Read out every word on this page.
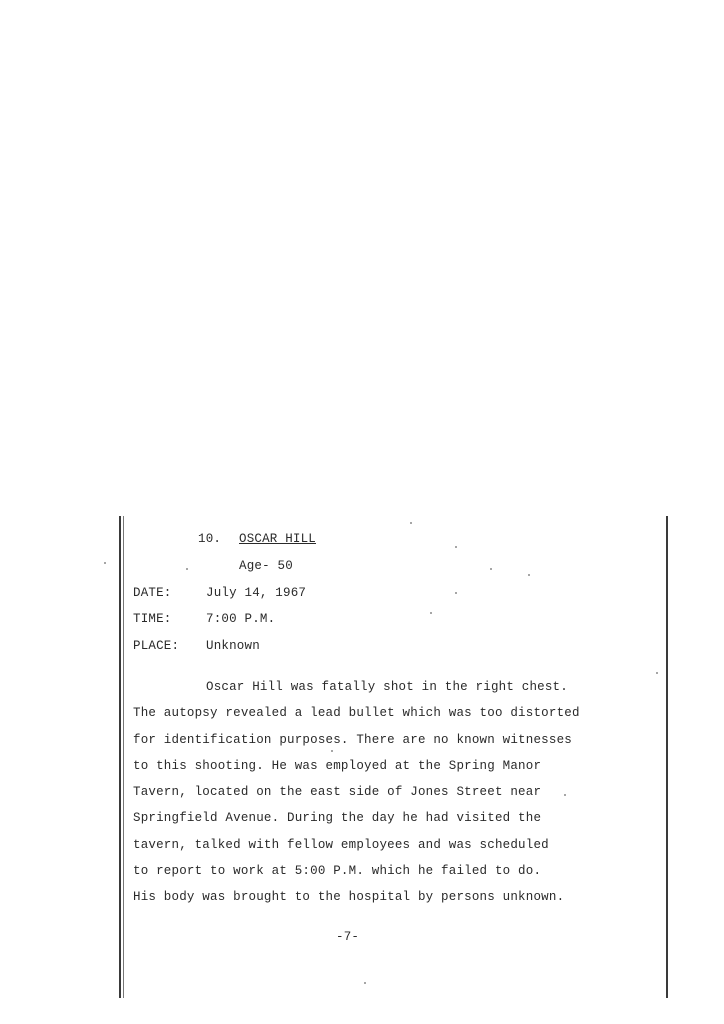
10. OSCAR HILL
Age- 50
DATE:	July 14, 1967
TIME:	7:00 P.M.
PLACE: Unknown
Oscar Hill was fatally shot in the right chest.
The autopsy revealed a lead bullet which was too distorted
for identification purposes. There are no known witnesses
to this shooting. He was employed at the Spring Manor
Tavern, located on the east side of Jones Street near
Springfield Avenue. During the day he had visited the
tavern, talked with fellow employees and was scheduled
to report to work at 5:00 P.M. which he failed to do.
His body was brought to the hospital by persons unknown.
-7-
